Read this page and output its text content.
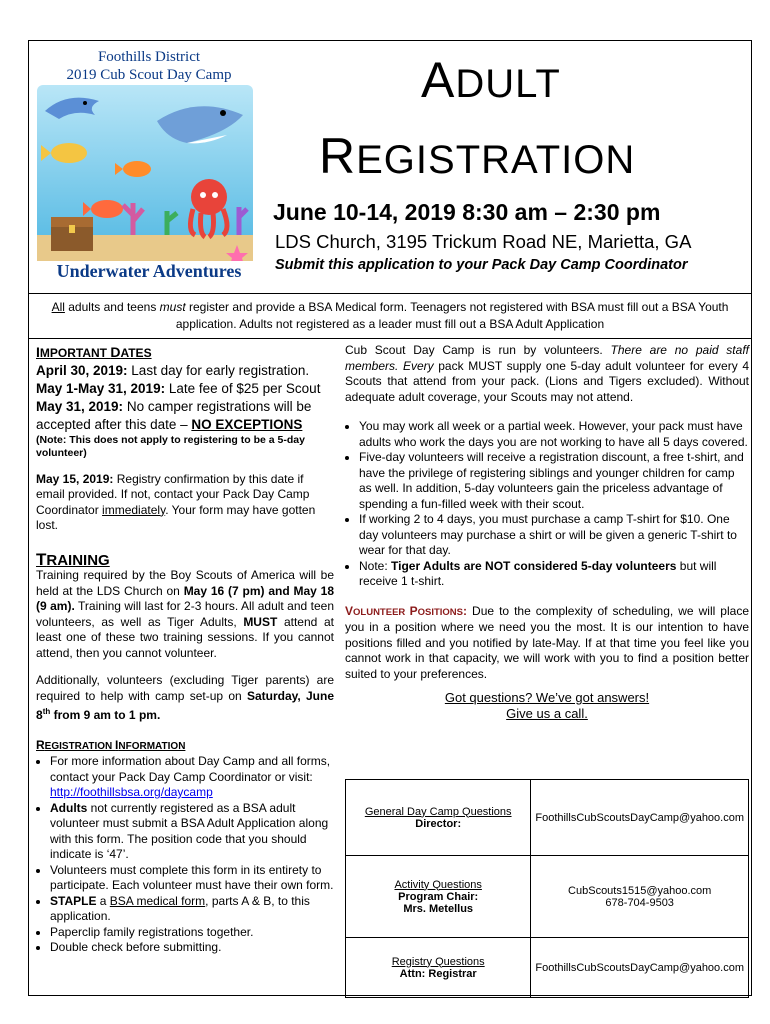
Foothills District
2019 Cub Scout Day Camp
Underwater Adventures
ADULT
REGISTRATION
June 10-14, 2019 8:30 am – 2:30 pm
LDS Church, 3195 Trickum Road NE, Marietta, GA
Submit this application to your Pack Day Camp Coordinator
All adults and teens must register and provide a BSA Medical form. Teenagers not registered with BSA must fill out a BSA Youth application. Adults not registered as a leader must fill out a BSA Adult Application
IMPORTANT DATES
April 30, 2019: Last day for early registration.
May 1-May 31, 2019: Late fee of $25 per Scout
May 31, 2019: No camper registrations will be accepted after this date – NO EXCEPTIONS
(Note: This does not apply to registering to be a 5-day volunteer)
May 15, 2019: Registry confirmation by this date if email provided. If not, contact your Pack Day Camp Coordinator immediately. Your form may have gotten lost.
TRAINING
Training required by the Boy Scouts of America will be held at the LDS Church on May 16 (7 pm) and May 18 (9 am). Training will last for 2-3 hours. All adult and teen volunteers, as well as Tiger Adults, MUST attend at least one of these two training sessions. If you cannot attend, then you cannot volunteer.
Additionally, volunteers (excluding Tiger parents) are required to help with camp set-up on Saturday, June 8th from 9 am to 1 pm.
REGISTRATION INFORMATION
• For more information about Day Camp and all forms, contact your Pack Day Camp Coordinator or visit: http://foothillsbsa.org/daycamp
• Adults not currently registered as a BSA adult volunteer must submit a BSA Adult Application along with this form. The position code that you should indicate is ‘47’.
• Volunteers must complete this form in its entirety to participate. Each volunteer must have their own form.
• STAPLE a BSA medical form, parts A & B, to this application.
• Paperclip family registrations together.
• Double check before submitting.
Cub Scout Day Camp is run by volunteers. There are no paid staff members. Every pack MUST supply one 5-day adult volunteer for every 4 Scouts that attend from your pack. (Lions and Tigers excluded). Without adequate adult coverage, your Scouts may not attend.
• You may work all week or a partial week. However, your pack must have adults who work the days you are not working to have all 5 days covered.
• Five-day volunteers will receive a registration discount, a free t-shirt, and have the privilege of registering siblings and younger children for camp as well. In addition, 5-day volunteers gain the priceless advantage of spending a fun-filled week with their scout.
• If working 2 to 4 days, you must purchase a camp T-shirt for $10. One day volunteers may purchase a shirt or will be given a generic T-shirt to wear for that day.
• Note: Tiger Adults are NOT considered 5-day volunteers but will receive 1 t-shirt.
VOLUNTEER POSITIONS: Due to the complexity of scheduling, we will place you in a position where we need you the most. It is our intention to have positions filled and you notified by late-May. If at that time you feel like you cannot work in that capacity, we will work with you to find a position better suited to your preferences.
Got questions? We’ve got answers!
Give us a call.
General Day Camp Questions
Director:	FoothillsCubScoutsDayCamp@yahoo.com
Activity Questions
Program Chair:
Mrs. Metellus	CubScouts1515@yahoo.com
678-704-9503
Registry Questions
Attn: Registrar	FoothillsCubScoutsDayCamp@yahoo.com
